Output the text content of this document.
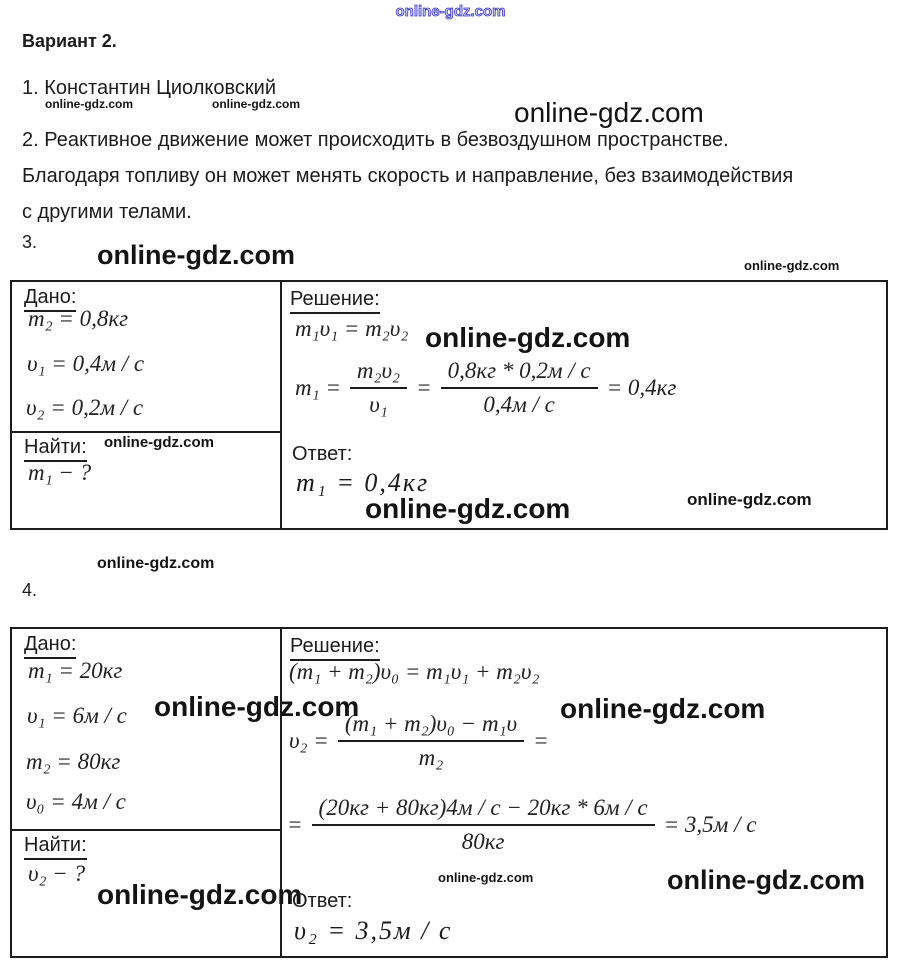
online-gdz.com
Вариант 2.
1. Константин Циолковский
online-gdz.com	online-gdz.com	online-gdz.com
2. Реактивное движение может происходить в безвоздушном пространстве.
Благодаря топливу он может менять скорость и направление, без взаимодействия
с другими телами.
3. online-gdz.com	online-gdz.com
Дано:
m₂ = 0,8кг
υ₁ = 0,4м / с
υ₂ = 0,2м / с
Найти: online-gdz.com
m₁ − ?
Решение:
m₁υ₁ = m₂υ₂ online-gdz.com
$m_1 = \frac{\text{m₂υ₂}}{\text{υ₁}} = \frac{0,8кг * 0,2м / с}{0,4м / с} = 0,4кг$
Ответ:
m₁ = 0,4кг
online-gdz.com	online-gdz.com
online-gdz.com
4.
Дано:
m₁ = 20кг
υ₁ = 6м / с
m₂ = 80кг
υ₀ = 4м / с
online-gdz.com
Найти:
υ₂ − ?
online-gdz.com
Решение:
(m₁ + m₂)υ₀ = m₁υ₁ + m₂υ₂
online-gdz.com
$\upsilon_2 = \frac{\text{(m₁ + m₂)υ₀ − m₁υ}}{\text{m₂}}$ =
= $\frac{(20кг + 80кг)4м / с - 20кг * 6м / с}{80кг} = 3,5м / с$
online-gdz.com	online-gdz.com
Ответ:
υ₂ = 3,5м / с
